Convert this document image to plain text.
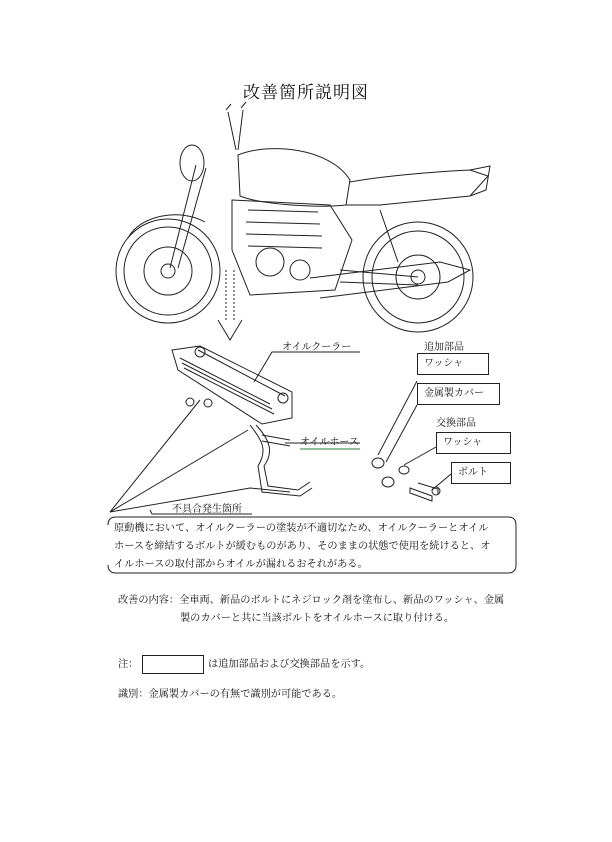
改善箇所説明図
オイルクーラー
オイルホース
追加部品
ワッシャ
金属製カバー
交換部品
ワッシャ
ボルト
不具合発生箇所
原動機において、オイルクーラーの塗装が不適切なため、オイルクーラーとオイル
ホースを締結するボルトが緩むものがあり、そのままの状態で使用を続けると、オ
イルホースの取付部からオイルが漏れるおそれがある。
改善の内容：全車両、新品のボルトにネジロック剤を塗布し、新品のワッシャ、金属
製のカバーと共に当該ボルトをオイルホースに取り付ける。
注：	は追加部品および交換部品を示す。
識別：金属製カバーの有無で識別が可能である。
